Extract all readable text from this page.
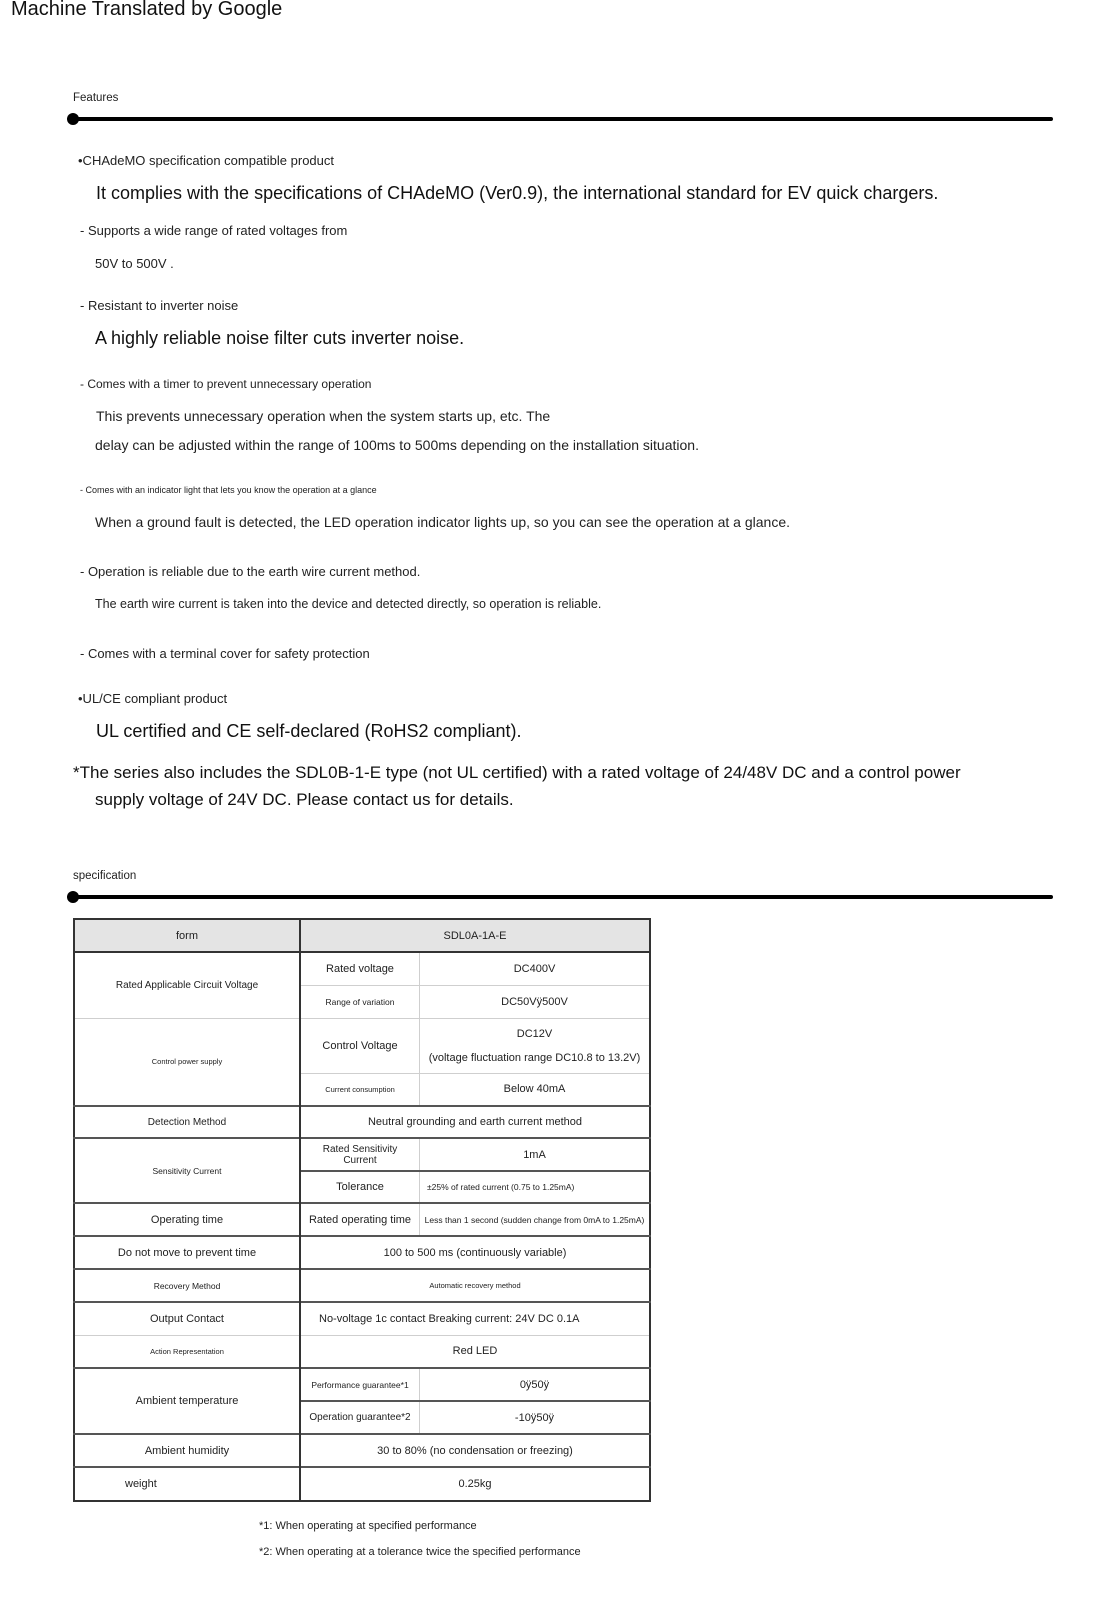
Machine Translated by Google
Features
•CHAdeMO specification compatible product
It complies with the specifications of CHAdeMO (Ver0.9), the international standard for EV quick chargers.
- Supports a wide range of rated voltages from
50V to 500V .
- Resistant to inverter noise
A highly reliable noise filter cuts inverter noise.
- Comes with a timer to prevent unnecessary operation
This prevents unnecessary operation when the system starts up, etc. The
delay can be adjusted within the range of 100ms to 500ms depending on the installation situation.
- Comes with an indicator light that lets you know the operation at a glance
When a ground fault is detected, the LED operation indicator lights up, so you can see the operation at a glance.
- Operation is reliable due to the earth wire current method.
The earth wire current is taken into the device and detected directly, so operation is reliable.
- Comes with a terminal cover for safety protection
•UL/CE compliant product
UL certified and CE self-declared (RoHS2 compliant).
*The series also includes the SDL0B-1-E type (not UL certified) with a rated voltage of 24/48V DC and a control power
supply voltage of 24V DC. Please contact us for details.
specification
form	SDL0A-1A-E	
Rated Applicable Circuit Voltage	Rated voltage	DC400V
	Range of variation	DC50Vÿ500V
Control power supply	Control Voltage	DC12V
(voltage fluctuation range DC10.8 to 13.2V)

	Current consumption	Below 40mA
Detection Method	Neutral grounding and earth current method	
Sensitivity Current	Rated Sensitivity Current	1mA
	Tolerance	±25% of rated current (0.75 to 1.25mA)
Operating time	Rated operating time	Less than 1 second (sudden change from 0mA to 1.25mA)
Do not move to prevent time	100 to 500 ms (continuously variable)	
Recovery Method	Automatic recovery method	
Output Contact	No-voltage 1c contact Breaking current: 24V DC 0.1A	
Action Representation	Red LED	
Ambient temperature	Performance guarantee*1	0ÿ50ÿ
	Operation guarantee*2	-10ÿ50ÿ
Ambient humidity	30 to 80% (no condensation or freezing)	
weight	0.25kg	
*1: When operating at specified performance
*2: When operating at a tolerance twice the specified performance
